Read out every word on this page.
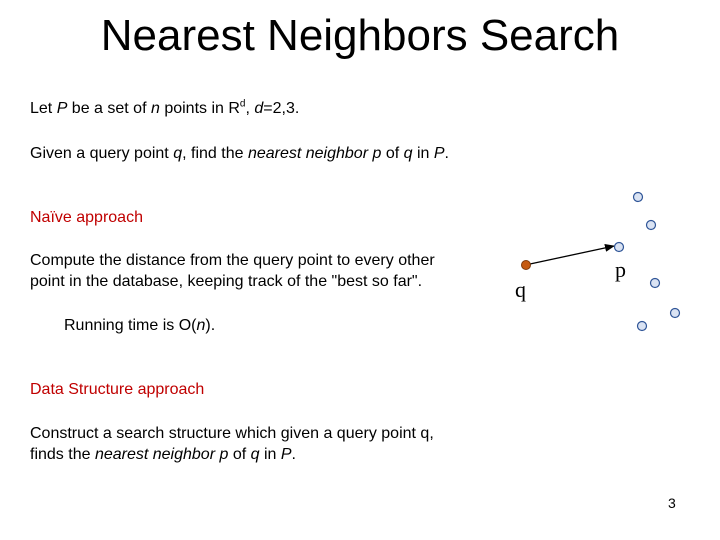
Nearest Neighbors Search
Let P be a set of n points in $R^d$, d=2,3.
Given a query point q, find the nearest neighbor p of q in P.
Naïve approach
Compute the distance from the query point to every other
point in the database, keeping track of the "best so far".
Running time is O(n).
Data Structure approach
Construct a search structure which given a query point q,
finds the nearest neighbor p of q in P.
q
p
3
